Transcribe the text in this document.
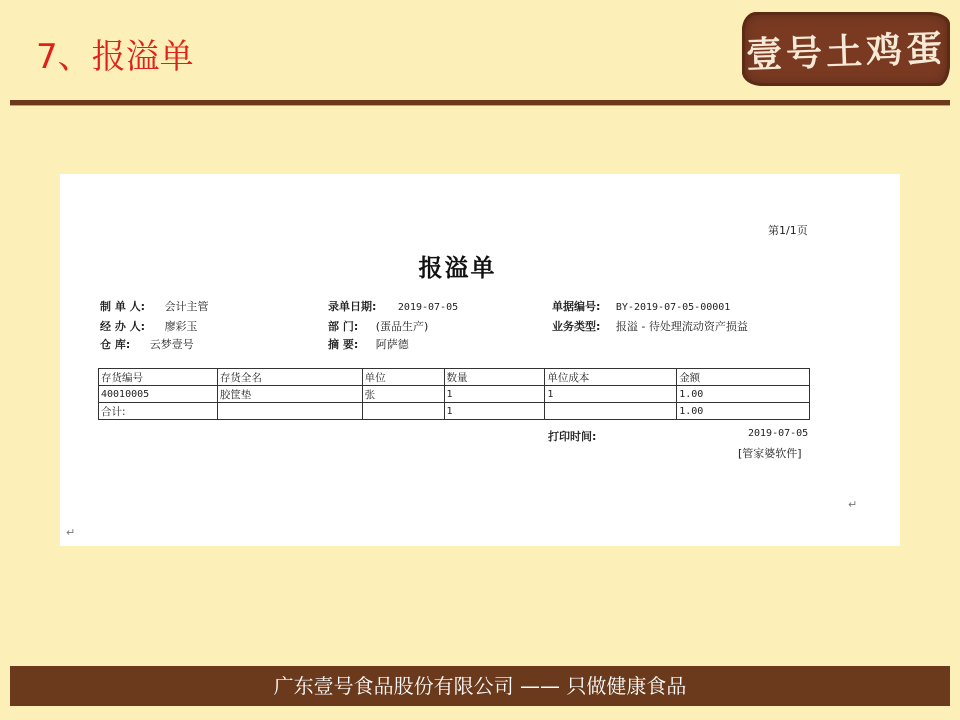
7、报溢单	壹号土鸡蛋
第1/1页
报溢单
制 单 人: 会计主管
经 办 人: 廖彩玉
仓 库: 云梦壹号
录单日期: 2019-07-05
部 门: (蛋品生产)
摘 要: 阿萨德
单据编号: BY-2019-07-05-00001
业务类型: 报溢 - 待处理流动资产损益
存货编号	存货全名	单位	数量	单位成本	金额
40010005	胶筐垫	张	1	1	1.00
合计:			1		1.00
打印时间:	2019-07-05
[管家婆软件]
↵
↵
广东壹号食品股份有限公司 —— 只做健康食品
